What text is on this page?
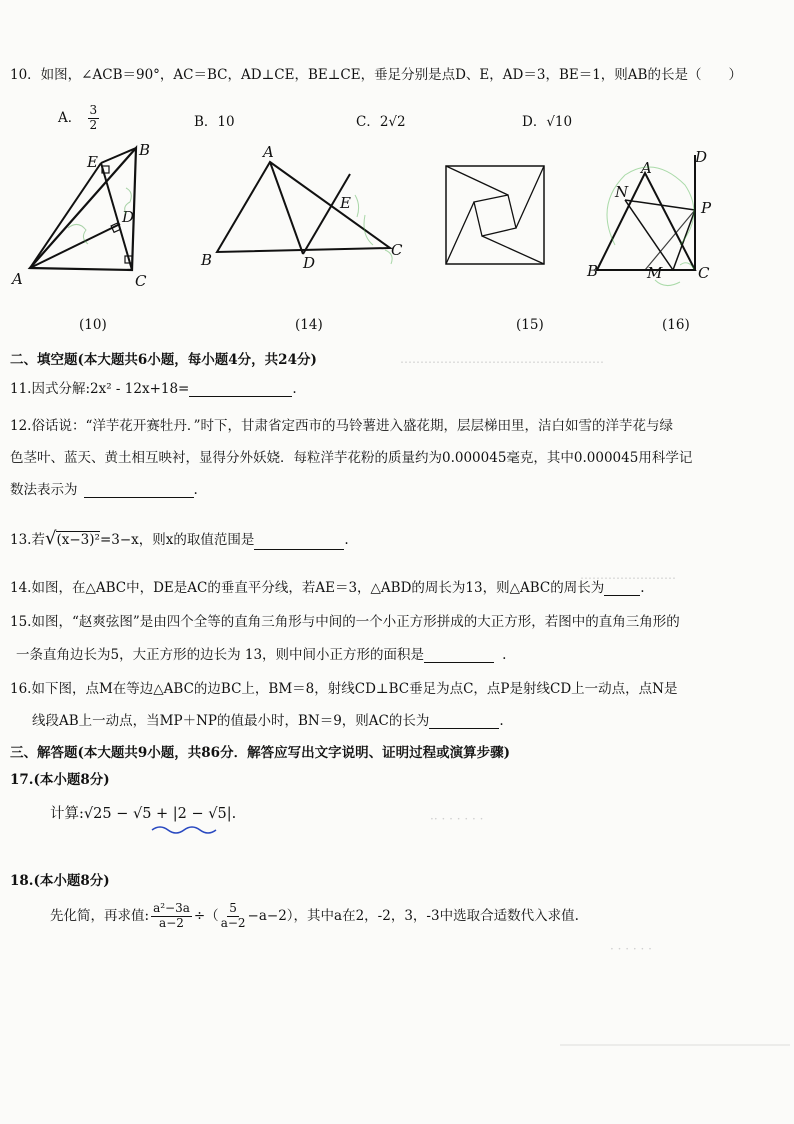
10．如图，∠ACB＝90°，AC＝BC，AD⊥CE，BE⊥CE，垂足分别是点D、E，AD＝3，BE＝1，则AB的长是（　　）
A． $\frac{3}{2}$	B．10	C．2√2	D．√10
E
B
D
A	C
(10)
A
E
B	D
C
(14)	(15)
D
A
N
P
B	M C
(16)
二、填空题(本大题共6小题，每小题4分，共24分)	……………………………………………
……………………
11.因式分解:2x² - 12x+18=	.
12.俗话说：“洋芋花开赛牡丹．”时下，甘肃省定西市的马铃薯进入盛花期，层层梯田里，洁白如雪的洋芋花与绿
色茎叶、蓝天、黄土相互映衬，显得分外妖娆．每粒洋芋花粉的质量约为0.000045毫克，其中0.000045用科学记
数法表示为	.
13.若√(x−3)²=3−x，则x的取值范围是	.
14.如图，在△ABC中，DE是AC的垂直平分线，若AE＝3，△ABD的周长为13，则△ABC的周长为	.
15.如图，“赵爽弦图”是由四个全等的直角三角形与中间的一个小正方形拼成的大正方形，若图中的直角三角形的
一条直角边长为5，大正方形的边长为 13，则中间小正方形的面积是	.
16.如下图，点M在等边△ABC的边BC上，BM＝8，射线CD⊥BC垂足为点C，点P是射线CD上一动点，点N是
线段AB上一动点，当MP＋NP的值最小时，BN＝9，则AC的长为	.
三、解答题(本大题共9小题，共86分．解答应写出文字说明、证明过程或演算步骤)
17.(本小题8分)
计算:√25 − √5 + |2 − √5|.	·· · · · · · ·
· · · · · ·
18.(本小题8分)
先化简，再求值: $\frac{\text{a²−3a}}{a-2}$ ÷（ $\frac{5}{a-2} -a-2$），其中a在2，-2，3，-3中选取合适数代入求值.
